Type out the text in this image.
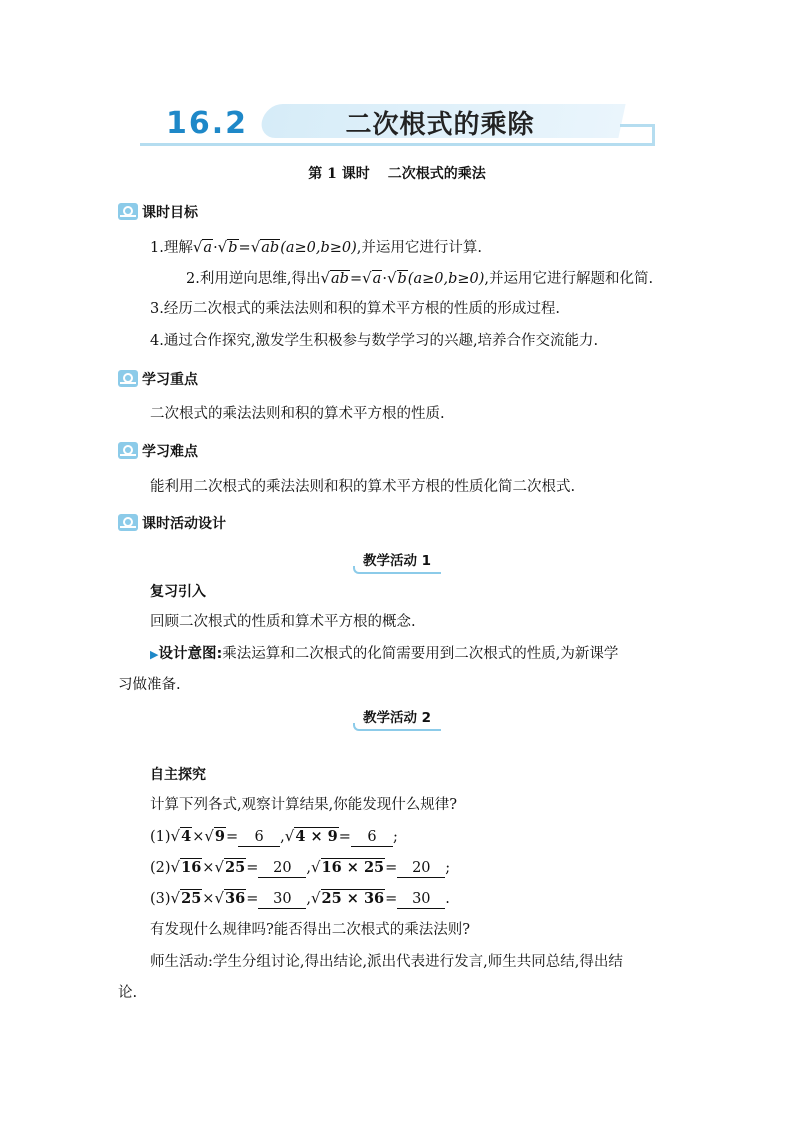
16.2	二次根式的乘除
第 1 课时 二次根式的乘法
课时目标
1.理解√a·√b=√ab(a≥0,b≥0),并运用它进行计算.
2.利用逆向思维,得出√ab=√a·√b(a≥0,b≥0),并运用它进行解题和化简.
3.经历二次根式的乘法法则和积的算术平方根的性质的形成过程.
4.通过合作探究,激发学生积极参与数学学习的兴趣,培养合作交流能力.
学习重点
二次根式的乘法法则和积的算术平方根的性质.
学习难点
能利用二次根式的乘法法则和积的算术平方根的性质化简二次根式.
课时活动设计
教学活动 1
复习引入
回顾二次根式的性质和算术平方根的概念.
▶设计意图:乘法运算和二次根式的化简需要用到二次根式的性质,为新课学
习做准备.
教学活动 2
自主探究
计算下列各式,观察计算结果,你能发现什么规律?
(1)√4×√9= 6 ,√4 × 9= 6 ;
(2)√16×√25= 20 ,√16 × 25= 20 ;
(3)√25×√36= 30 ,√25 × 36= 30 .
有发现什么规律吗?能否得出二次根式的乘法法则?
师生活动:学生分组讨论,得出结论,派出代表进行发言,师生共同总结,得出结
论.
